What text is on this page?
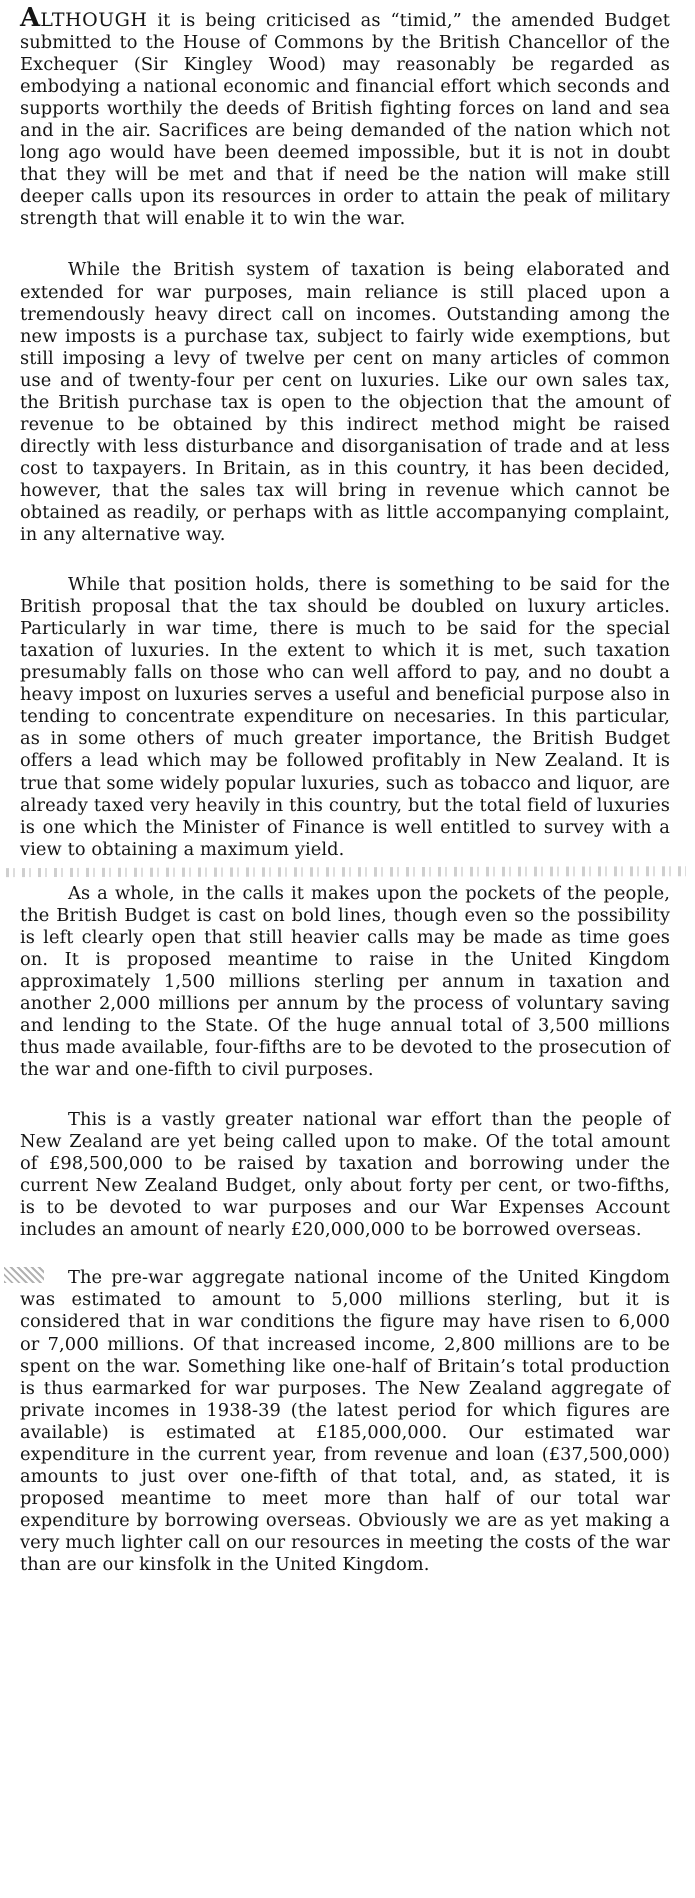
ALTHOUGH it is being criticised as “timid,” the amended Budget submitted to the House of Commons by the British Chancellor of the Exchequer (Sir Kingley Wood) may reasonably be regarded as embodying a national economic and financial effort which seconds and supports worthily the deeds of British fighting forces on land and sea and in the air. Sacrifices are being demanded of the nation which not long ago would have been deemed impossible, but it is not in doubt that they will be met and that if need be the nation will make still deeper calls upon its resources in order to attain the peak of military strength that will enable it to win the war.

While the British system of taxation is being elaborated and extended for war purposes, main reliance is still placed upon a tremendously heavy direct call on incomes. Outstanding among the new imposts is a purchase tax, subject to fairly wide exemptions, but still imposing a levy of twelve per cent on many articles of common use and of twenty-four per cent on luxuries. Like our own sales tax, the British purchase tax is open to the objection that the amount of revenue to be obtained by this indirect method might be raised directly with less disturbance and disorganisation of trade and at less cost to taxpayers. In Britain, as in this country, it has been decided, however, that the sales tax will bring in revenue which cannot be obtained as readily, or perhaps with as little accompanying complaint, in any alternative way.

While that position holds, there is something to be said for the British proposal that the tax should be doubled on luxury articles. Particularly in war time, there is much to be said for the special taxation of luxuries. In the extent to which it is met, such taxation presumably falls on those who can well afford to pay, and no doubt a heavy impost on luxuries serves a useful and beneficial purpose also in tending to concentrate expenditure on necesaries. In this particular, as in some others of much greater importance, the British Budget offers a lead which may be followed profitably in New Zealand. It is true that some widely popular luxuries, such as tobacco and liquor, are already taxed very heavily in this country, but the total field of luxuries is one which the Minister of Finance is well entitled to survey with a view to obtaining a maximum yield.

As a whole, in the calls it makes upon the pockets of the people, the British Budget is cast on bold lines, though even so the possibility is left clearly open that still heavier calls may be made as time goes on. It is proposed meantime to raise in the United Kingdom approximately 1,500 millions sterling per annum in taxation and another 2,000 millions per annum by the process of voluntary saving and lending to the State. Of the huge annual total of 3,500 millions thus made available, four-fifths are to be devoted to the prosecution of the war and one-fifth to civil purposes.

This is a vastly greater national war effort than the people of New Zealand are yet being called upon to make. Of the total amount of £98,500,000 to be raised by taxation and borrowing under the current New Zealand Budget, only about forty per cent, or two-fifths, is to be devoted to war purposes and our War Expenses Account includes an amount of nearly £20,000,000 to be borrowed overseas.

The pre-war aggregate national income of the United Kingdom was estimated to amount to 5,000 millions sterling, but it is considered that in war conditions the figure may have risen to 6,000 or 7,000 millions. Of that increased income, 2,800 millions are to be spent on the war. Something like one-half of Britain’s total production is thus earmarked for war purposes. The New Zealand aggregate of private incomes in 1938-39 (the latest period for which figures are available) is estimated at £185,000,000. Our estimated war expenditure in the current year, from revenue and loan (£37,500,000) amounts to just over one-fifth of that total, and, as stated, it is proposed meantime to meet more than half of our total war expenditure by borrowing overseas. Obviously we are as yet making a very much lighter call on our resources in meeting the costs of the war than are our kinsfolk in the United Kingdom.
